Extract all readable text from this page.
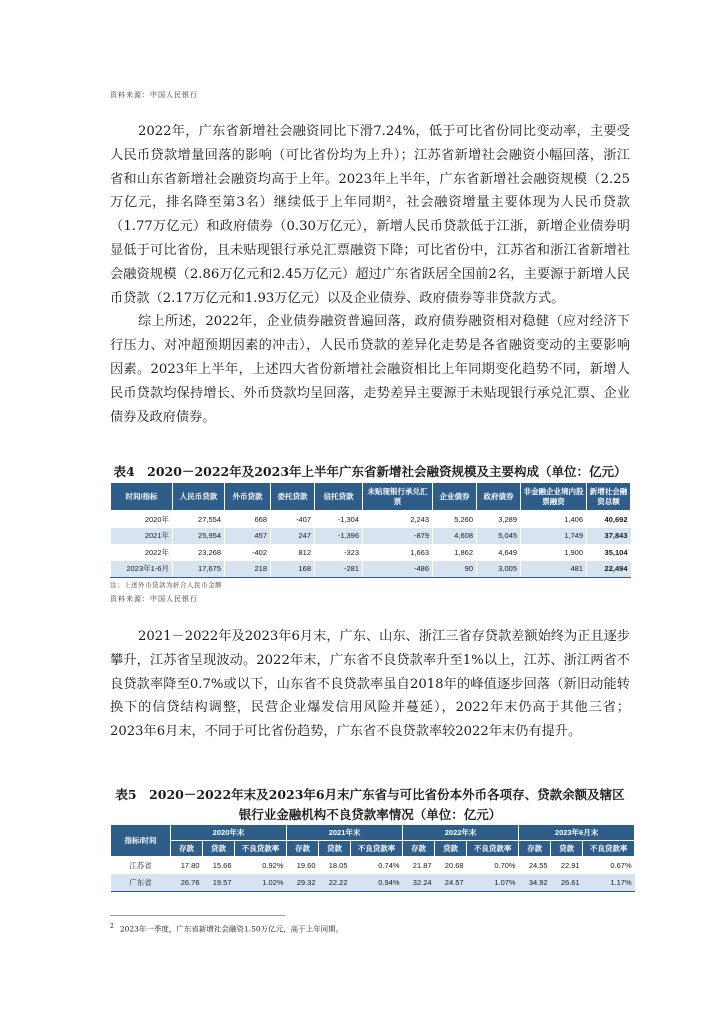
资料来源：中国人民银行

2022年，广东省新增社会融资同比下滑7.24%，低于可比省份同比变动率，主要受人民币贷款增量回落的影响（可比省份均为上升）；江苏省新增社会融资小幅回落，浙江省和山东省新增社会融资均高于上年。2023年上半年，广东省新增社会融资规模（2.25万亿元，排名降至第3名）继续低于上年同期²，社会融资增量主要体现为人民币贷款（1.77万亿元）和政府债券（0.30万亿元），新增人民币贷款低于江浙，新增企业债券明显低于可比省份，且未贴现银行承兑汇票融资下降；可比省份中，江苏省和浙江省新增社会融资规模（2.86万亿元和2.45万亿元）超过广东省跃居全国前2名，主要源于新增人民币贷款（2.17万亿元和1.93万亿元）以及企业债券、政府债券等非贷款方式。

综上所述，2022年，企业债券融资普遍回落，政府债券融资相对稳健（应对经济下行压力、对冲超预期因素的冲击），人民币贷款的差异化走势是各省融资变动的主要影响因素。2023年上半年，上述四大省份新增社会融资相比上年同期变化趋势不同，新增人民币贷款均保持增长、外币贷款均呈回落，走势差异主要源于未贴现银行承兑汇票、企业债券及政府债券。

表4　2020－2022年及2023年上半年广东省新增社会融资规模及主要构成（单位：亿元）
时间/指标	人民币贷款	外币贷款	委托贷款	信托贷款	未贴现银行承兑汇票	企业债券	政府债券	非金融企业境内股票融资	新增社会融资总额
2020年	27,554	668	-407	-1,304	2,243	5,260	3,289	1,406	40,692
2021年	25,954	457	247	-1,396	-879	4,608	5,045	1,749	37,843
2022年	23,268	-402	812	-323	1,663	1,862	4,649	1,900	35,104
2023年1-6月	17,675	218	168	-281	-486	90	3,005	481	22,494
注：上述外币贷款为折合人民币金额
资料来源：中国人民银行

2021－2022年及2023年6月末，广东、山东、浙江三省存贷款差额始终为正且逐步攀升，江苏省呈现波动。2022年末，广东省不良贷款率升至1%以上，江苏、浙江两省不良贷款率降至0.7%或以下，山东省不良贷款率虽自2018年的峰值逐步回落（新旧动能转换下的信贷结构调整，民营企业爆发信用风险并蔓延），2022年末仍高于其他三省；2023年6月末，不同于可比省份趋势，广东省不良贷款率较2022年末仍有提升。

表5　2020－2022年末及2023年6月末广东省与可比省份本外币各项存、贷款余额及辖区
银行业金融机构不良贷款率情况（单位：亿元）
指标/时间	2020年末			2021年末			2022年末			2023年6月末		
	存款	贷款	不良贷款率	存款	贷款	不良贷款率	存款	贷款	不良贷款率	存款	贷款	不良贷款率
江苏省	17.80	15.66	0.92%	19.60	18.05	0.74%	21.87	20.68	0.70%	24.55	22.91	0.67%
广东省	26.76	19.57	1.02%	29.32	22.22	0.94%	32.24	24.57	1.07%	34.92	26.61	1.17%
$^2$ 2023年一季度，广东省新增社会融资1.50万亿元，高于上年同期。
